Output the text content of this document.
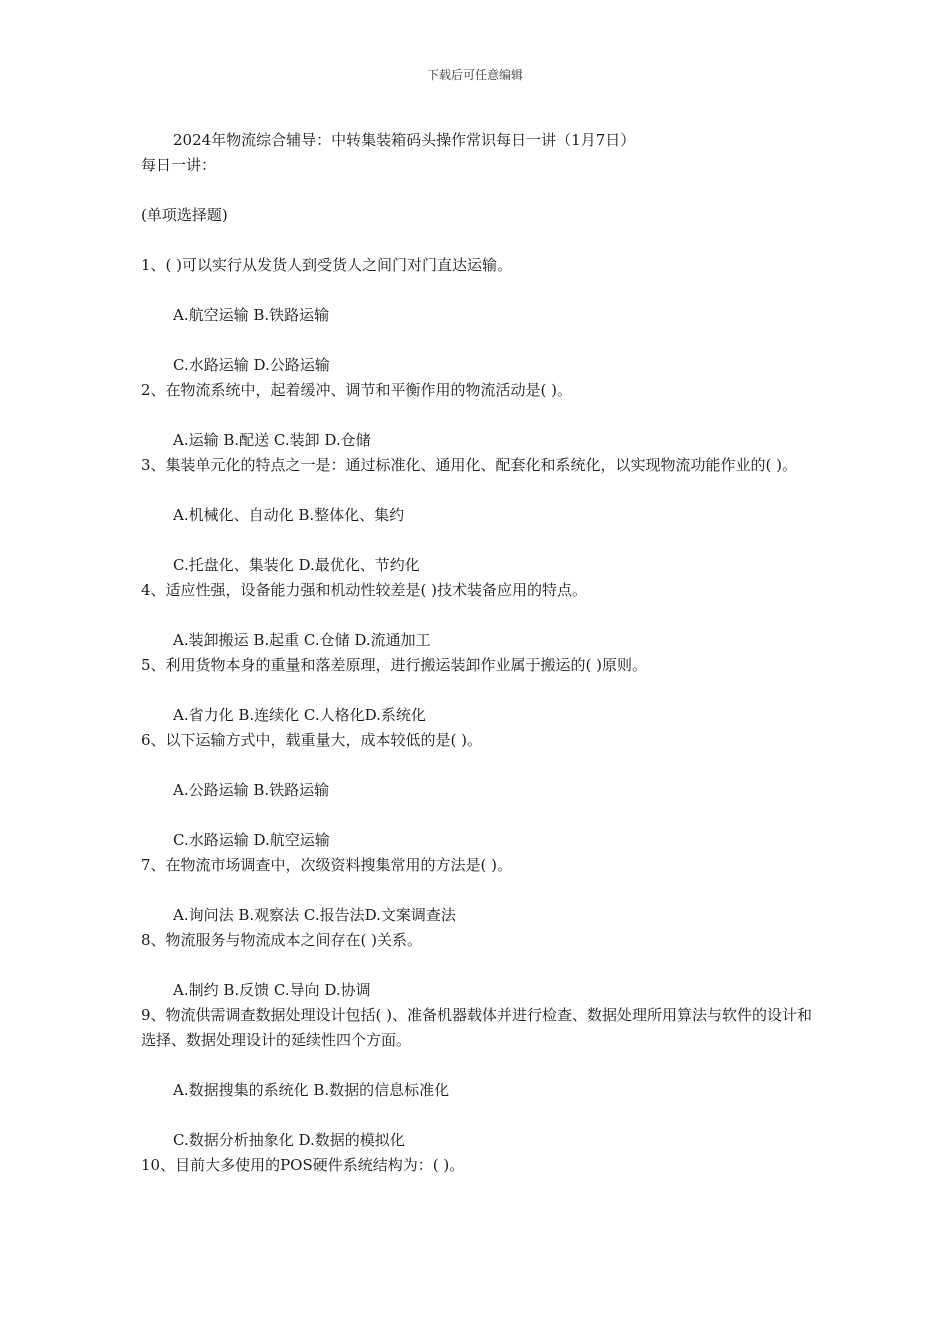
下载后可任意编辑

2024年物流综合辅导：中转集装箱码头操作常识每日一讲（1月7日）

每日一讲：

(单项选择题)

1、( )可以实行从发货人到受货人之间门对门直达运输。

A.航空运输 B.铁路运输

C.水路运输 D.公路运输

2、在物流系统中，起着缓冲、调节和平衡作用的物流活动是( )。

A.运输 B.配送 C.装卸 D.仓储

3、集装单元化的特点之一是：通过标准化、通用化、配套化和系统化，以实现物流功能作业的( )。

A.机械化、自动化 B.整体化、集约

C.托盘化、集装化 D.最优化、节约化

4、适应性强，设备能力强和机动性较差是( )技术装备应用的特点。

A.装卸搬运 B.起重 C.仓储 D.流通加工

5、利用货物本身的重量和落差原理，进行搬运装卸作业属于搬运的( )原则。

A.省力化 B.连续化 C.人格化D.系统化

6、以下运输方式中，载重量大，成本较低的是( )。

A.公路运输 B.铁路运输

C.水路运输 D.航空运输

7、在物流市场调查中，次级资料搜集常用的方法是( )。

A.询问法 B.观察法 C.报告法D.文案调查法

8、物流服务与物流成本之间存在( )关系。

A.制约 B.反馈 C.导向 D.协调

9、物流供需调查数据处理设计包括( )、准备机器载体并进行检查、数据处理所用算法与软件的设计和选择、数据处理设计的延续性四个方面。

A.数据搜集的系统化 B.数据的信息标准化

C.数据分析抽象化 D.数据的模拟化

10、目前大多使用的POS硬件系统结构为：( )。
